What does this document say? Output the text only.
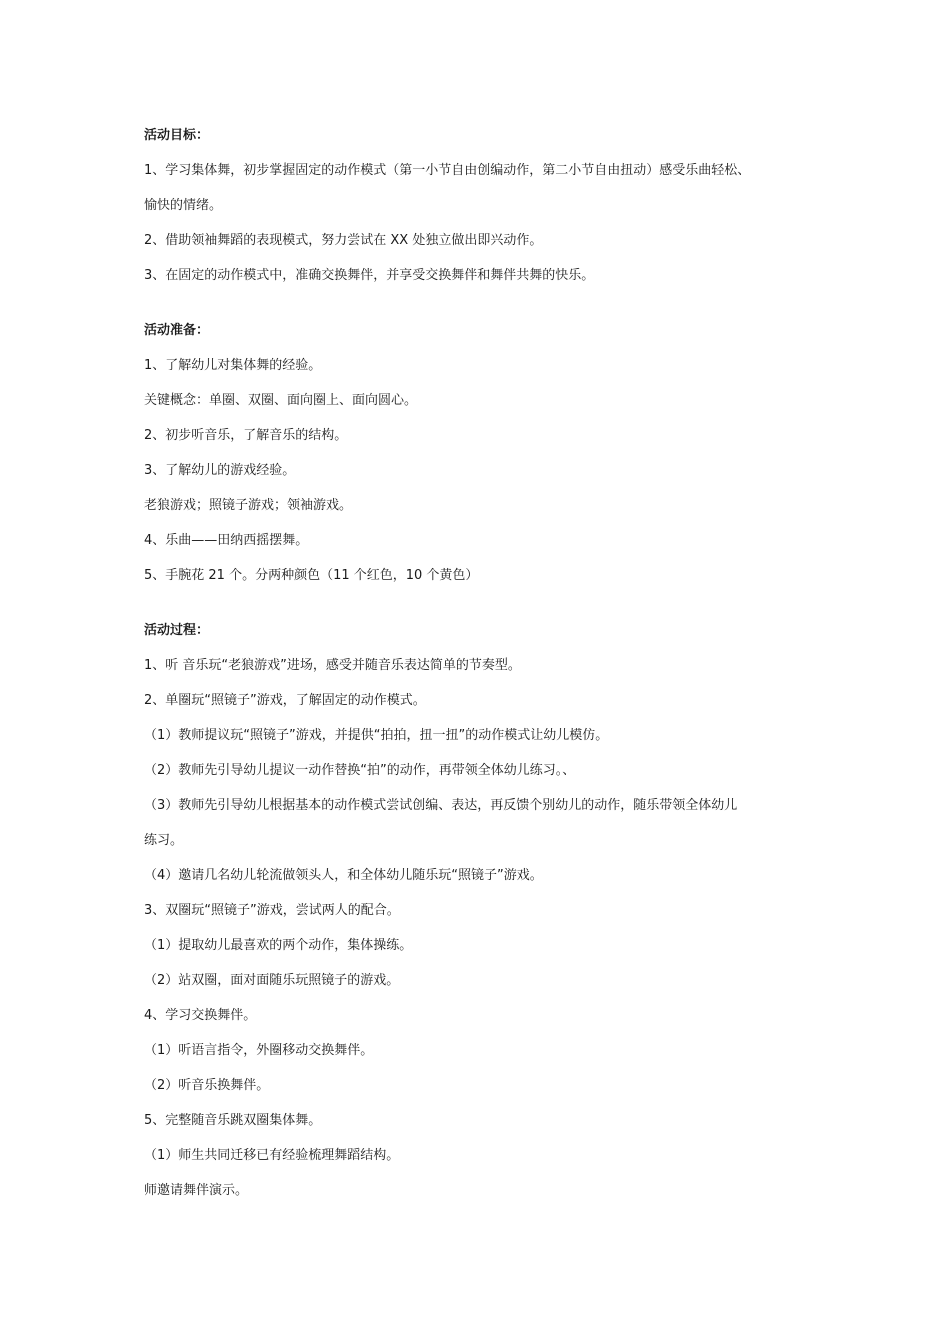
活动目标：

1、学习集体舞，初步掌握固定的动作模式（第一小节自由创编动作，第二小节自由扭动）感受乐曲轻松、

愉快的情绪。

2、借助领袖舞蹈的表现模式，努力尝试在 XX 处独立做出即兴动作。

3、在固定的动作模式中，准确交换舞伴，并享受交换舞伴和舞伴共舞的快乐。

活动准备：

1、了解幼儿对集体舞的经验。

关键概念：单圈、双圈、面向圈上、面向圆心。

2、初步听音乐，了解音乐的结构。

3、了解幼儿的游戏经验。

老狼游戏；照镜子游戏；领袖游戏。

4、乐曲——田纳西摇摆舞。

5、手腕花 21 个。分两种颜色（11 个红色，10 个黄色）

活动过程：

1、听 音乐玩“老狼游戏”进场，感受并随音乐表达简单的节奏型。

2、单圈玩“照镜子”游戏，了解固定的动作模式。

（1）教师提议玩“照镜子”游戏，并提供“拍拍，扭一扭”的动作模式让幼儿模仿。

（2）教师先引导幼儿提议一动作替换“拍”的动作，再带领全体幼儿练习。、

（3）教师先引导幼儿根据基本的动作模式尝试创编、表达，再反馈个别幼儿的动作，随乐带领全体幼儿

练习。

（4）邀请几名幼儿轮流做领头人，和全体幼儿随乐玩“照镜子”游戏。

3、双圈玩“照镜子”游戏，尝试两人的配合。

（1）提取幼儿最喜欢的两个动作，集体操练。

（2）站双圈，面对面随乐玩照镜子的游戏。

4、学习交换舞伴。

（1）听语言指令，外圈移动交换舞伴。

（2）听音乐换舞伴。

5、完整随音乐跳双圈集体舞。

（1）师生共同迁移已有经验梳理舞蹈结构。

师邀请舞伴演示。
